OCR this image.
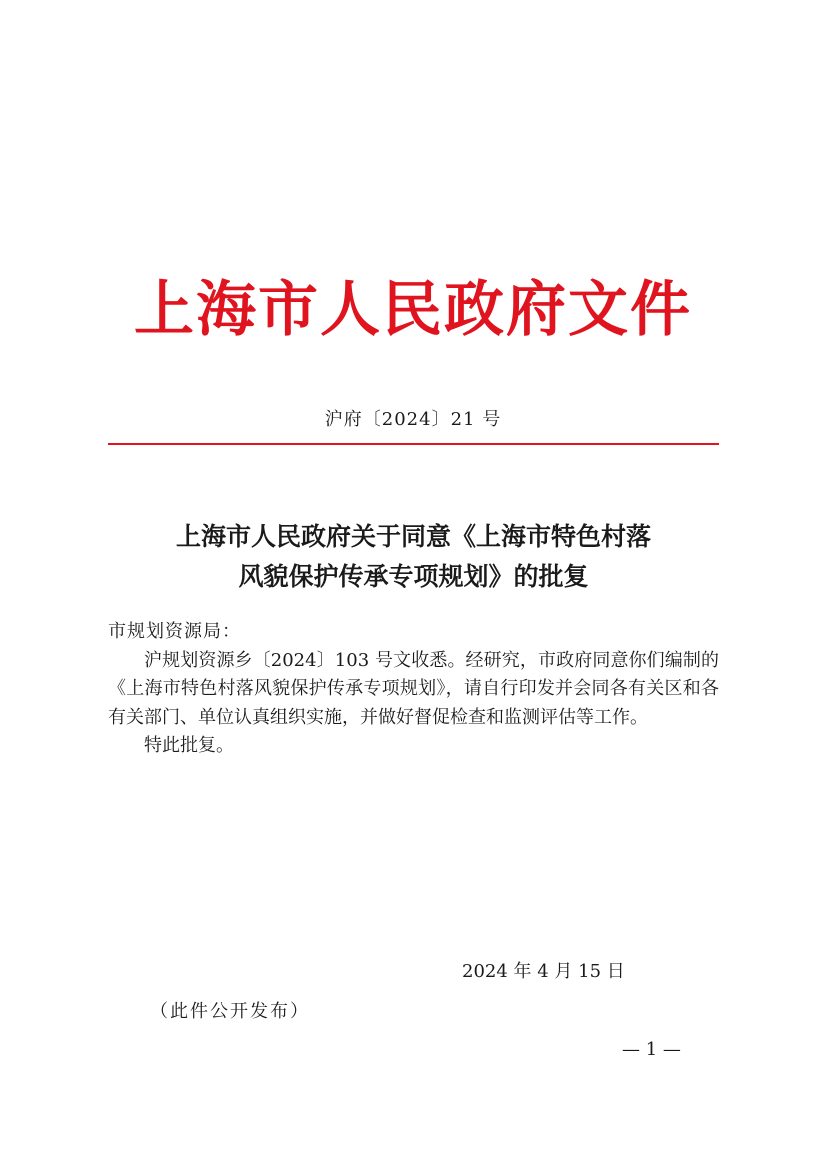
上海市人民政府文件
沪府〔2024〕21 号
上海市人民政府关于同意《上海市特色村落
风貌保护传承专项规划》的批复

市规划资源局：

沪规划资源乡〔2024〕103 号文收悉。经研究，市政府同意你们编制的《上海市特色村落风貌保护传承专项规划》，请自行印发并会同各有关区和各有关部门、单位认真组织实施，并做好督促检查和监测评估等工作。

特此批复。

2024 年 4 月 15 日
（此件公开发布）
— 1 —
